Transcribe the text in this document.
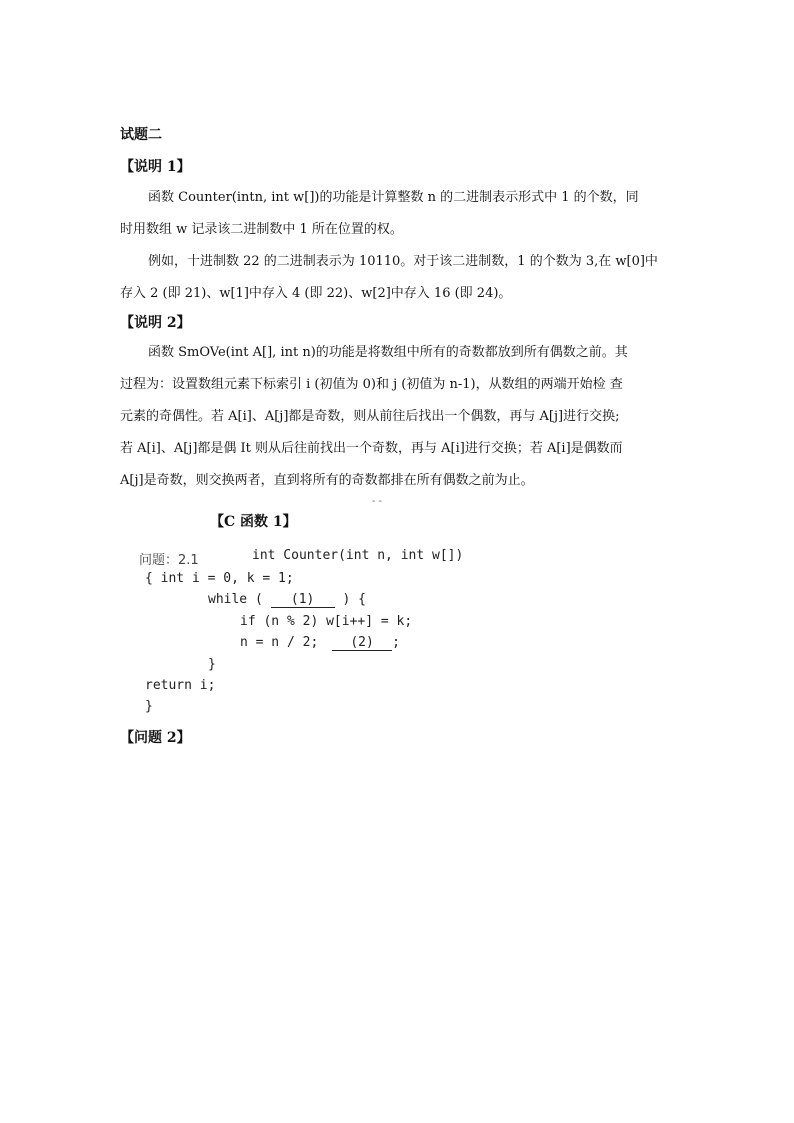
试题二
【说明 1】
函数 Counter(intn, int w[])的功能是计算整数 n 的二进制表示形式中 1 的个数，同
时用数组 w 记录该二进制数中 1 所在位置的权。
例如，十进制数 22 的二进制表示为 10110。对于该二进制数，1 的个数为 3,在 w[0]中
存入 2 (即 21)、w[1]中存入 4 (即 22)、w[2]中存入 16 (即 24)。
【说明 2】
函数 SmOVe(int A[], int n)的功能是将数组中所有的奇数都放到所有偶数之前。其
过程为：设置数组元素下标索引 i (初值为 0)和 j (初值为 n-1)，从数组的两端开始检 查
元素的奇偶性。若 A[i]、A[j]都是奇数，则从前往后找出一个偶数，再与 A[j]进行交换;
若 A[i]、A[j]都是偶 It 则从后往前找出一个奇数，再与 A[i]进行交换；若 A[i]是偶数而
A[j]是奇数，则交换两者，直到将所有的奇数都排在所有偶数之前为止。
- -
【C 函数 1】
问题：2.1	int Counter(int n, int w[])
{ int i = 0, k = 1;
while ( (1) ) {
if (n % 2) w[i++] = k;
n = n / 2; (2) ;
}
return i;
}
【问题 2】
